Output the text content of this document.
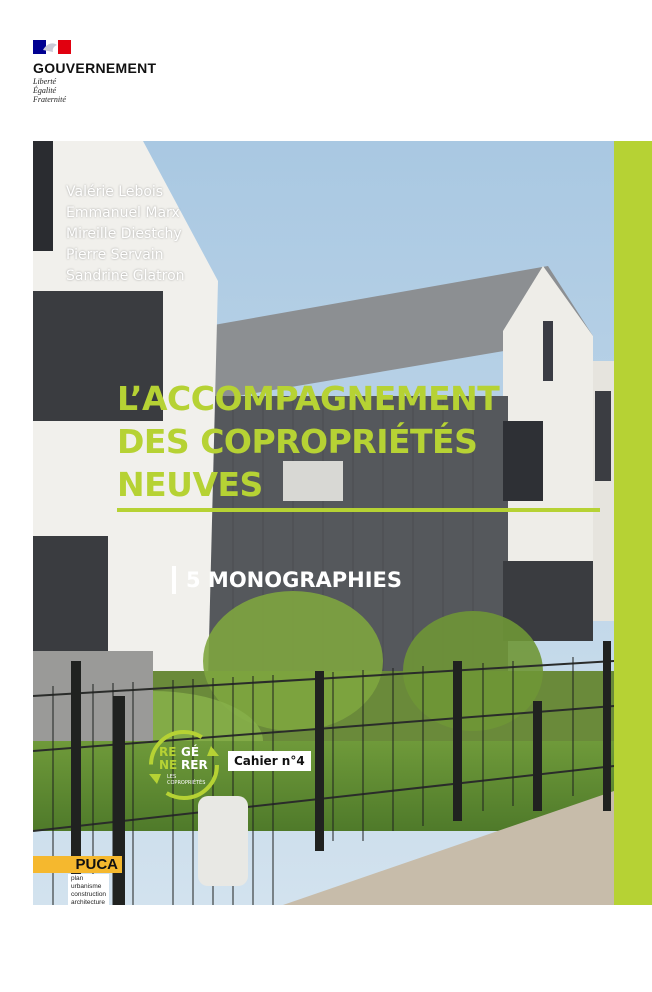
GOUVERNEMENT
Liberté
Égalité
Fraternité
Valérie Lebois
Emmanuel Marx
Mireille Diestchy
Pierre Servain
Sandrine Glatron
L’ACCOMPAGNEMENT
DES COPROPRIÉTÉS
NEUVES
5 MONOGRAPHIES
RE GÉ
NE RER
LES
COPROPRIÉTÉS
Cahier n°4
PUCA
plan
urbanisme
construction
architecture
